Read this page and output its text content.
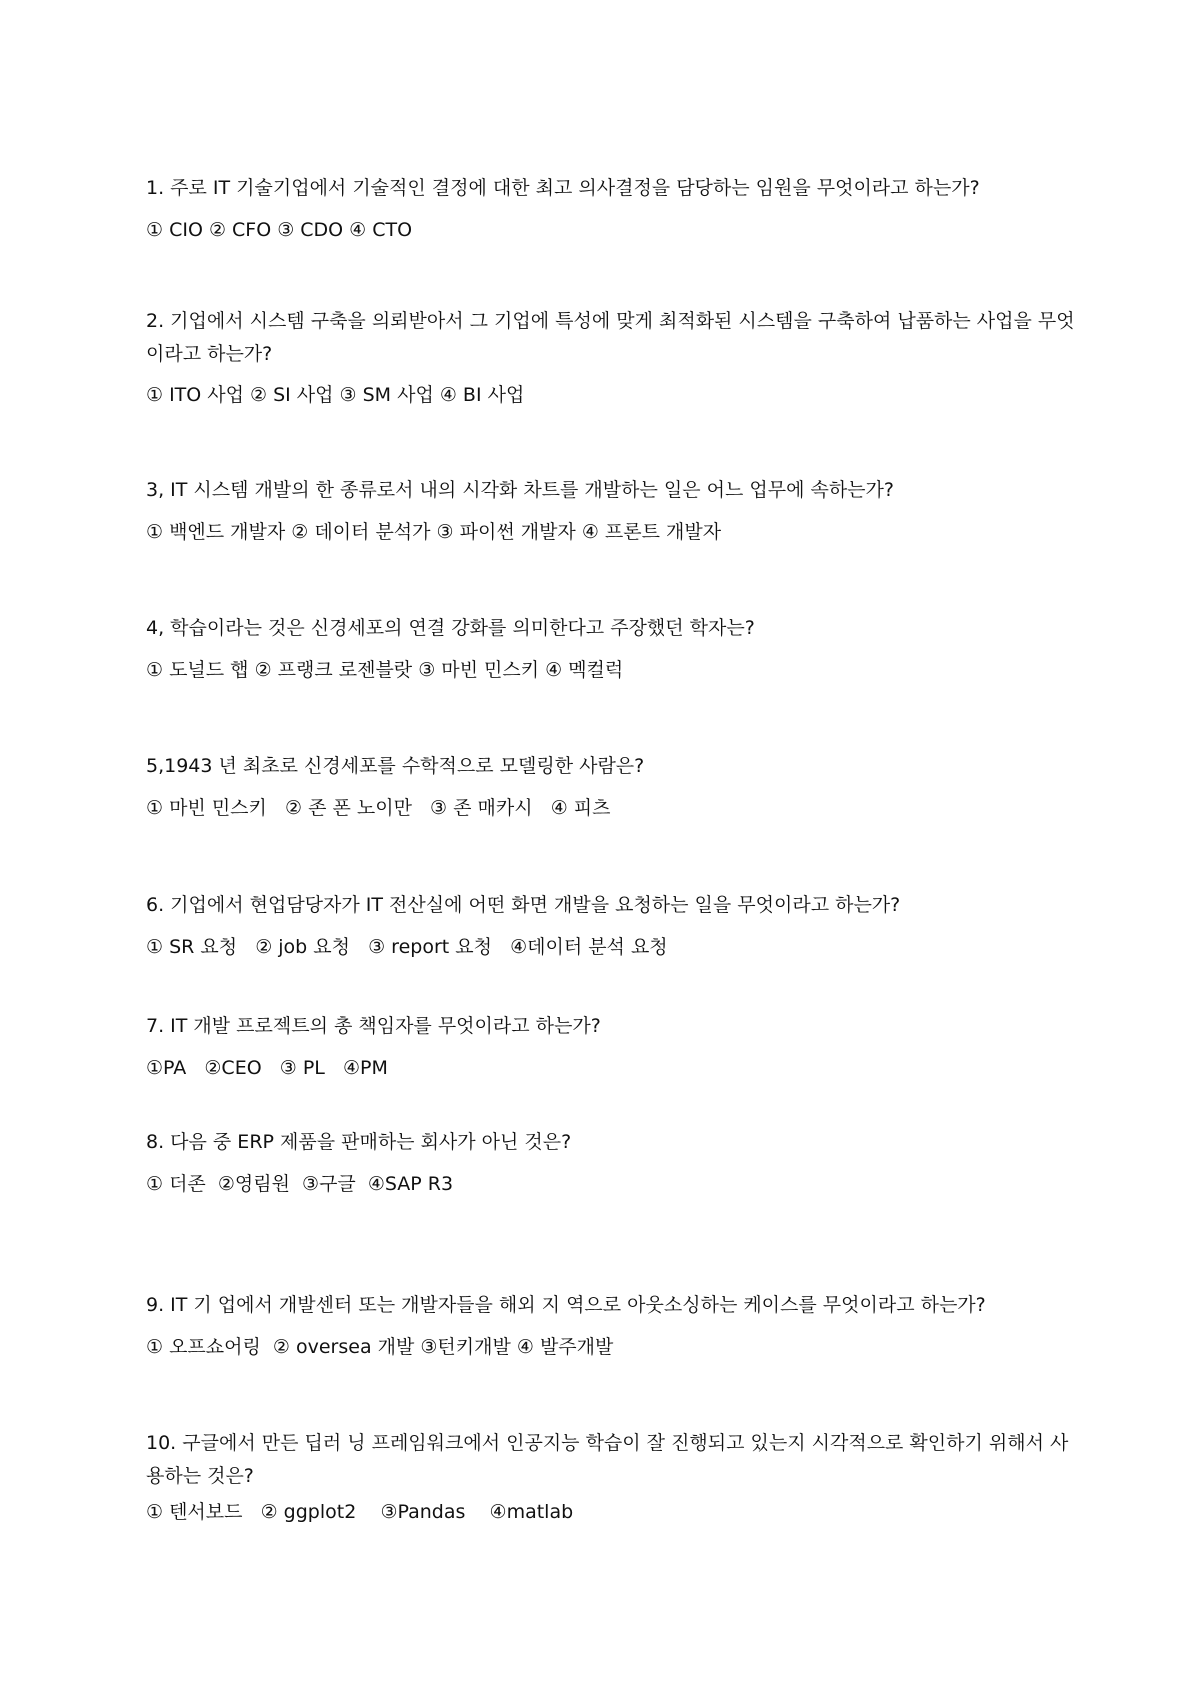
1. 주로 IT 기술기업에서 기술적인 결정에 대한 최고 의사결정을 담당하는 임원을 무엇이라고 하는가?

① CIO ② CFO ③ CDO ④ CTO

2. 기업에서 시스템 구축을 의뢰받아서 그 기업에 특성에 맞게 최적화된 시스템을 구축하여 납품하는 사업을 무엇이라고 하는가?

① ITO 사업 ② SI 사업 ③ SM 사업 ④ BI 사업

3, IT 시스템 개발의 한 종류로서 내의 시각화 차트를 개발하는 일은 어느 업무에 속하는가?

① 백엔드 개발자 ② 데이터 분석가 ③ 파이썬 개발자 ④ 프론트 개발자

4, 학습이라는 것은 신경세포의 연결 강화를 의미한다고 주장했던 학자는?

① 도널드 햅 ② 프랭크 로젠블랏 ③ 마빈 민스키 ④ 멕컬럭

5,1943 년 최초로 신경세포를 수학적으로 모델링한 사람은?

① 마빈 민스키   ② 존 폰 노이만   ③ 존 매카시   ④ 피츠

6. 기업에서 현업담당자가 IT 전산실에 어떤 화면 개발을 요청하는 일을 무엇이라고 하는가?

① SR 요청   ② job 요청   ③ report 요청   ④데이터 분석 요청

7. IT 개발 프로젝트의 총 책임자를 무엇이라고 하는가?

①PA   ②CEO   ③ PL   ④PM

8. 다음 중 ERP 제품을 판매하는 회사가 아닌 것은?

① 더존  ②영림원  ③구글  ④SAP R3

9. IT 기 업에서 개발센터 또는 개발자들을 해외 지 역으로 아웃소싱하는 케이스를 무엇이라고 하는가?

① 오프쇼어링  ② oversea 개발 ③턴키개발 ④ 발주개발

10. 구글에서 만든 딥러 닝 프레임워크에서 인공지능 학습이 잘 진행되고 있는지 시각적으로 확인하기 위해서 사용하는 것은?

① 텐서보드   ② ggplot2    ③Pandas    ④matlab
